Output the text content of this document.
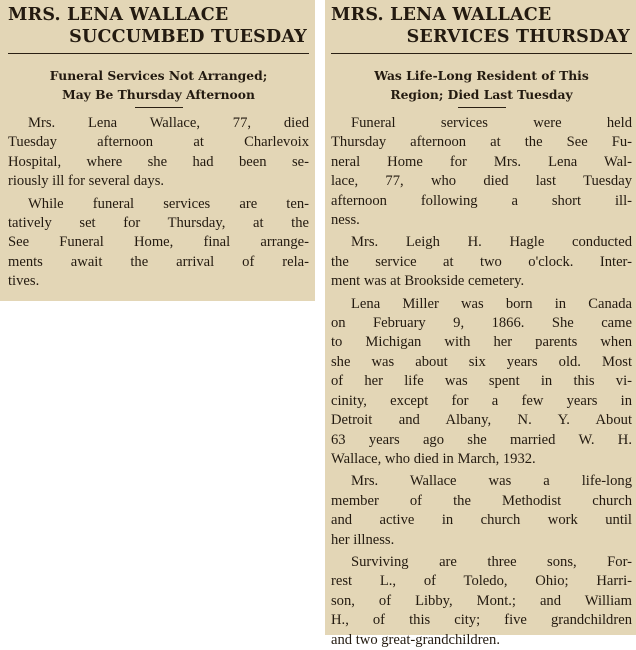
MRS. LENA WALLACE
SUCCUMBED TUESDAY
Funeral Services Not Arranged;
May Be Thursday Afternoon

Mrs. Lena Wallace, 77, died
Tuesday afternoon at Charlevoix
Hospital, where she had been se-
riously ill for several days.

While funeral services are ten-
tatively set for Thursday, at the
See Funeral Home, final arrange-
ments await the arrival of rela-
tives.

MRS. LENA WALLACE
SERVICES THURSDAY
Was Life-Long Resident of This
Region; Died Last Tuesday

Funeral services were held
Thursday afternoon at the See Fu-
neral Home for Mrs. Lena Wal-
lace, 77, who died last Tuesday
afternoon following a short ill-
ness.

Mrs. Leigh H. Hagle conducted
the service at two o'clock. Inter-
ment was at Brookside cemetery.

Lena Miller was born in Canada
on February 9, 1866. She came
to Michigan with her parents when
she was about six years old. Most
of her life was spent in this vi-
cinity, except for a few years in
Detroit and Albany, N. Y. About
63 years ago she married W. H.
Wallace, who died in March, 1932.

Mrs. Wallace was a life-long
member of the Methodist church
and active in church work until
her illness.

Surviving are three sons, For-
rest L., of Toledo, Ohio; Harri-
son, of Libby, Mont.; and William
H., of this city; five grandchildren
and two great-grandchildren.
